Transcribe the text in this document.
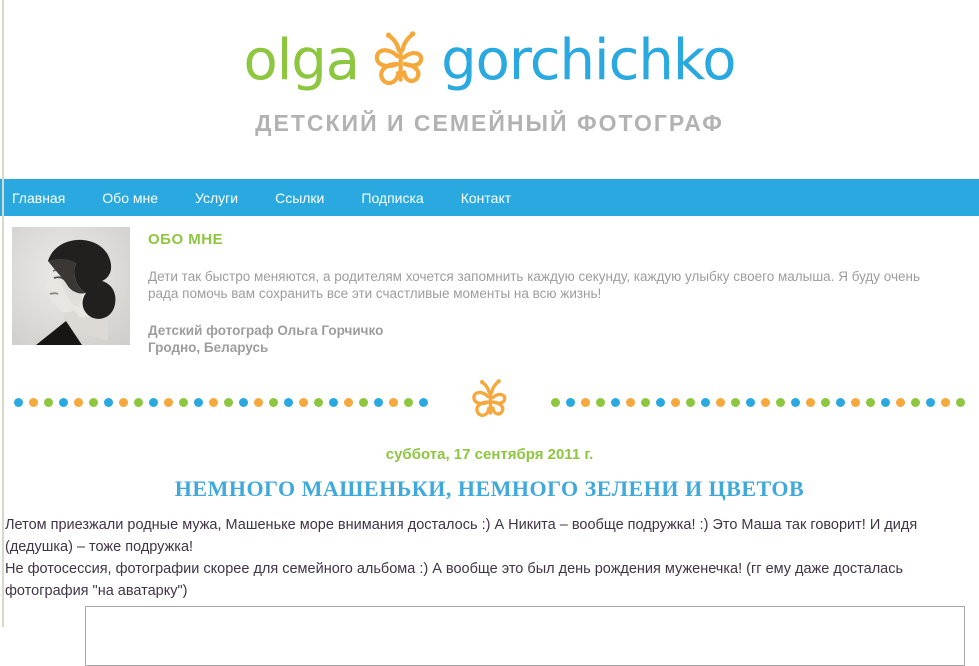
olga gorchichko
ДЕТСКИЙ И СЕМЕЙНЫЙ ФОТОГРАФ
Главная	Обо мне	Услуги	Ссылки	Подписка	Контакт
ОБО МНЕ

Дети так быстро меняются, а родителям хочется запомнить каждую секунду, каждую улыбку своего малыша. Я буду очень рада помочь вам сохранить все эти счастливые моменты на всю жизнь!

Детский фотограф Ольга Горчичко

Гродно, Беларусь

суббота, 17 сентября 2011 г.
НЕМНОГО МАШЕНЬКИ, НЕМНОГО ЗЕЛЕНИ И ЦВЕТОВ

Летом приезжали родные мужа, Машеньке море внимания досталось :) А Никита – вообще подружка! :) Это Маша так говорит! И дидя (дедушка) – тоже подружка!

Не фотосессия, фотографии скорее для семейного альбома :) А вообще это был день рождения муженечка! (гг ему даже досталась фотография "на аватарку")
